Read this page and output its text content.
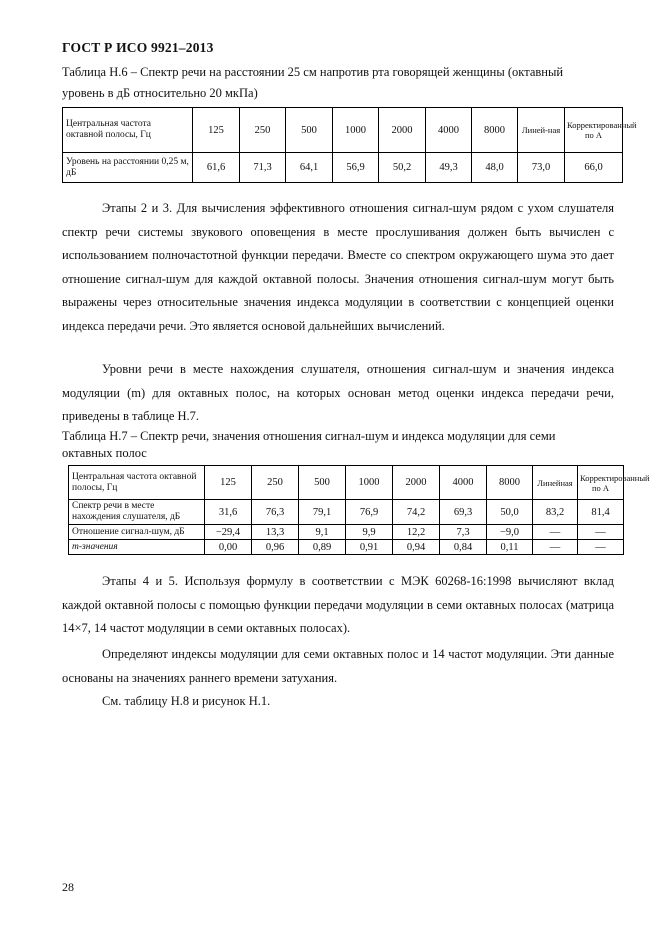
ГОСТ Р ИСО 9921–2013
Таблица Н.6 – Спектр речи на расстоянии 25 см напротив рта говорящей женщины (октавный
уровень в дБ относительно 20 мкПа)
Центральная частота октавной полосы, Гц	125	250	500	1000	2000	4000	8000	Линей-ная	Корректированный по А
Уровень на расстоянии 0,25 м, дБ	61,6	71,3	64,1	56,9	50,2	49,3	48,0	73,0	66,0
Этапы 2 и 3. Для вычисления эффективного отношения сигнал-шум рядом с ухом слушателя спектр речи системы звукового оповещения в месте прослушивания должен быть вычислен с использованием полночастотной функции передачи. Вместе со спектром окружающего шума это дает отношение сигнал-шум для каждой октавной полосы. Значения отношения сигнал-шум могут быть выражены через относительные значения индекса модуляции в соответствии с концепцией оценки индекса передачи речи. Это является основой дальнейших вычислений.
Уровни речи в месте нахождения слушателя, отношения сигнал-шум и значения индекса модуляции (m) для октавных полос, на которых основан метод оценки индекса передачи речи, приведены в таблице Н.7.
Таблица Н.7 – Спектр речи, значения отношения сигнал-шум и индекса модуляции для семи
октавных полос
Центральная частота октавной полосы, Гц	125	250	500	1000	2000	4000	8000	Линейная	Корректированный по А
Спектр речи в месте нахождения слушателя, дБ	31,6	76,3	79,1	76,9	74,2	69,3	50,0	83,2	81,4
Отношение сигнал-шум, дБ	−29,4	13,3	9,1	9,9	12,2	7,3	−9,0	—	—
m-значения	0,00	0,96	0,89	0,91	0,94	0,84	0,11	—	—
Этапы 4 и 5. Используя формулу в соответствии с МЭК 60268-16:1998 вычисляют вклад каждой октавной полосы с помощью функции передачи модуляции в семи октавных полосах (матрица 14×7, 14 частот модуляции в семи октавных полосах).
Определяют индексы модуляции для семи октавных полос и 14 частот модуляции. Эти данные основаны на значениях раннего времени затухания.
См. таблицу Н.8 и рисунок Н.1.
28
